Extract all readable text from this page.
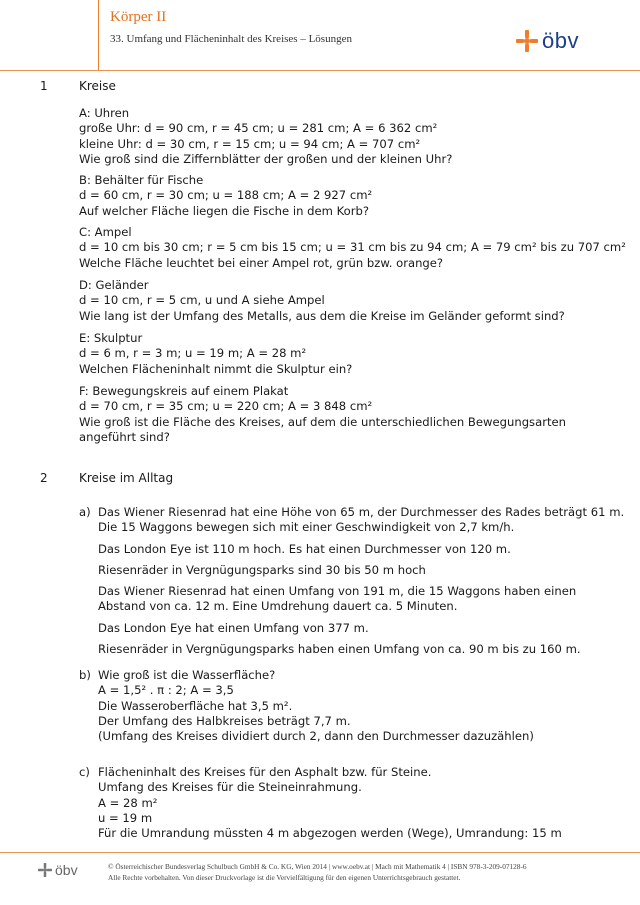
Körper II
33. Umfang und Flächeninhalt des Kreises – Lösungen	öbv
1	Kreise
A: Uhren
große Uhr: d = 90 cm, r = 45 cm; u = 281 cm; A = 6 362 cm²
kleine Uhr: d = 30 cm, r = 15 cm; u = 94 cm; A = 707 cm²
Wie groß sind die Ziffernblätter der großen und der kleinen Uhr?
B: Behälter für Fische
d = 60 cm, r = 30 cm; u = 188 cm; A = 2 927 cm²
Auf welcher Fläche liegen die Fische in dem Korb?
C: Ampel
d = 10 cm bis 30 cm; r = 5 cm bis 15 cm; u = 31 cm bis zu 94 cm; A = 79 cm² bis zu 707 cm²
Welche Fläche leuchtet bei einer Ampel rot, grün bzw. orange?
D: Geländer
d = 10 cm, r = 5 cm, u und A siehe Ampel
Wie lang ist der Umfang des Metalls, aus dem die Kreise im Geländer geformt sind?
E: Skulptur
d = 6 m, r = 3 m; u = 19 m; A = 28 m²
Welchen Flächeninhalt nimmt die Skulptur ein?
F: Bewegungskreis auf einem Plakat
d = 70 cm, r = 35 cm; u = 220 cm; A = 3 848 cm²
Wie groß ist die Fläche des Kreises, auf dem die unterschiedlichen Bewegungsarten
angeführt sind?
2	Kreise im Alltag
a) Das Wiener Riesenrad hat eine Höhe von 65 m, der Durchmesser des Rades beträgt 61 m.
Die 15 Waggons bewegen sich mit einer Geschwindigkeit von 2,7 km/h.
Das London Eye ist 110 m hoch. Es hat einen Durchmesser von 120 m.
Riesenräder in Vergnügungsparks sind 30 bis 50 m hoch
Das Wiener Riesenrad hat einen Umfang von 191 m, die 15 Waggons haben einen
Abstand von ca. 12 m. Eine Umdrehung dauert ca. 5 Minuten.
Das London Eye hat einen Umfang von 377 m.
Riesenräder in Vergnügungsparks haben einen Umfang von ca. 90 m bis zu 160 m.
b) Wie groß ist die Wasserfläche?
A = 1,5² . π : 2; A = 3,5
Die Wasseroberfläche hat 3,5 m².
Der Umfang des Halbkreises beträgt 7,7 m.
(Umfang des Kreises dividiert durch 2, dann den Durchmesser dazuzählen)
c) Flächeninhalt des Kreises für den Asphalt bzw. für Steine.
Umfang des Kreises für die Steineinrahmung.
A = 28 m²
u = 19 m
Für die Umrandung müssten 4 m abgezogen werden (Wege), Umrandung: 15 m
öbv	© Österreichischer Bundesverlag Schulbuch GmbH & Co. KG, Wien 2014 | www.oebv.at | Mach mit Mathematik 4 | ISBN 978-3-209-07128-6
Alle Rechte vorbehalten. Von dieser Druckvorlage ist die Vervielfältigung für den eigenen Unterrichtsgebrauch gestattet.
